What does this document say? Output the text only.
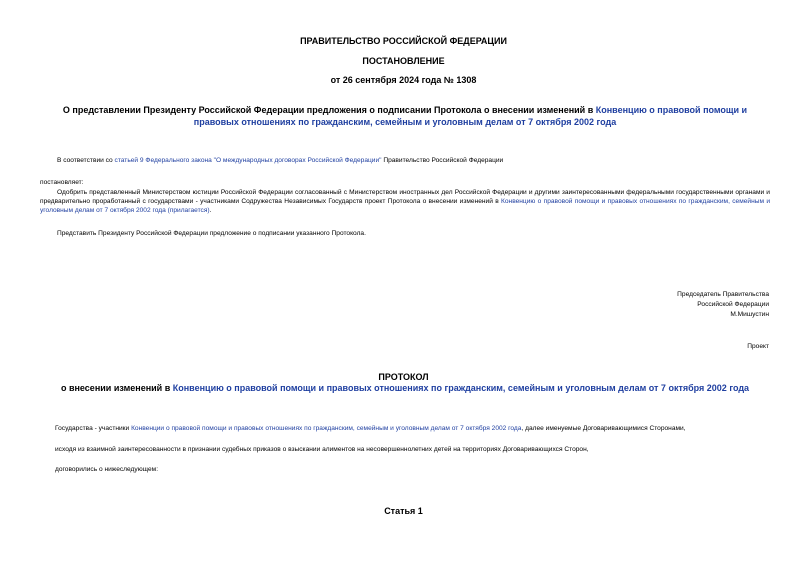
ПРАВИТЕЛЬСТВО РОССИЙСКОЙ ФЕДЕРАЦИИ

ПОСТАНОВЛЕНИЕ

от 26 сентября 2024 года № 1308

О представлении Президенту Российской Федерации предложения о подписании Протокола о внесении изменений в Конвенцию о правовой помощи и правовых отношениях по гражданским, семейным и уголовным делам от 7 октября 2002 года

В соответствии со статьей 9 Федерального закона "О международных договорах Российской Федерации" Правительство Российской Федерации

постановляет:

Одобрить представленный Министерством юстиции Российской Федерации согласованный с Министерством иностранных дел Российской Федерации и другими заинтересованными федеральными государственными органами и предварительно проработанный с государствами - участниками Содружества Независимых Государств проект Протокола о внесении изменений в Конвенцию о правовой помощи и правовых отношениях по гражданским, семейным и уголовным делам от 7 октября 2002 года (прилагается).

Представить Президенту Российской Федерации предложение о подписании указанного Протокола.

Председатель Правительства
Российской Федерации
М.Мишустин

Проект

ПРОТОКОЛ

о внесении изменений в Конвенцию о правовой помощи и правовых отношениях по гражданским, семейным и уголовным делам от 7 октября 2002 года

Государства - участники Конвенции о правовой помощи и правовых отношениях по гражданским, семейным и уголовным делам от 7 октября 2002 года, далее именуемые Договаривающимися Сторонами,

исходя из взаимной заинтересованности в признании судебных приказов о взыскании алиментов на несовершеннолетних детей на территориях Договаривающихся Сторон,

договорились о нижеследующем:

Статья 1
